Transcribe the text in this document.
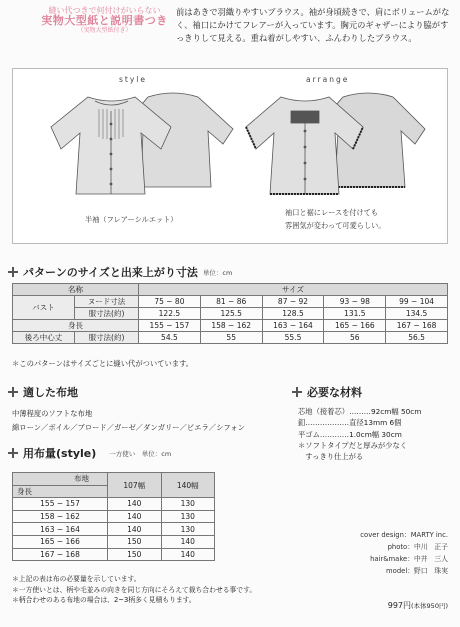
縫い代つきで何付けがいらない
実物大型紙と説明書つき
（実物大型紙付き）
前はあきで羽織りやすいブラウス。袖が身頃続きで、肩にボリュームがなく、袖口にかけてフレアーが入っています。胸元のギャザーにより脇がすっきりして見える。重ね着がしやすい、ふんわりしたブラウス。
style	arrange
半袖（フレアーシルエット）
袖口と裾にレースを付けても
雰囲気が変わって可愛らしい。
パターンのサイズと出来上がり寸法 単位：cm
名称		サイズ				
バスト	ヌード寸法	75 − 80	81 − 86	87 − 92	93 − 98	99 − 104
	服寸法(約)	122.5	125.5	128.5	131.5	134.5
身長		155 − 157	158 − 162	163 − 164	165 − 166	167 − 168
後ろ中心丈	服寸法(約)	54.5	55	55.5	56	56.5
＊このパターンはサイズごとに縫い代がついています。
適した布地
中薄程度のソフトな布地
綿ローン／ボイル／ブロード／ガーゼ／ダンガリー／ビエラ／シフォン
必要な材料
芯地（接着芯）………92cm幅 50cm
釦………………直径13mm 6個
平ゴム…………1.0cm幅 30cm
＊ソフトタイプだと厚みが少なく
　すっきり仕上がる
用布量(style) 一方使い　単位：cm
布地	107幅	140幅
身長		
155 − 157	140	130
158 − 162	140	130
163 − 164	140	130
165 − 166	150	140
167 − 168	150	140
＊上記の表は布の必要量を示しています。
＊一方使いとは、柄や毛並みの向きを同じ方向にそろえて裁ち合わせる事です。
＊柄合わせのある布地の場合は、2~3柄多く見積もります。
cover design：MARTY inc.
photo：中川　正子
hair&make：中井　三人
model：野口　珠実
997円(本体950円)
